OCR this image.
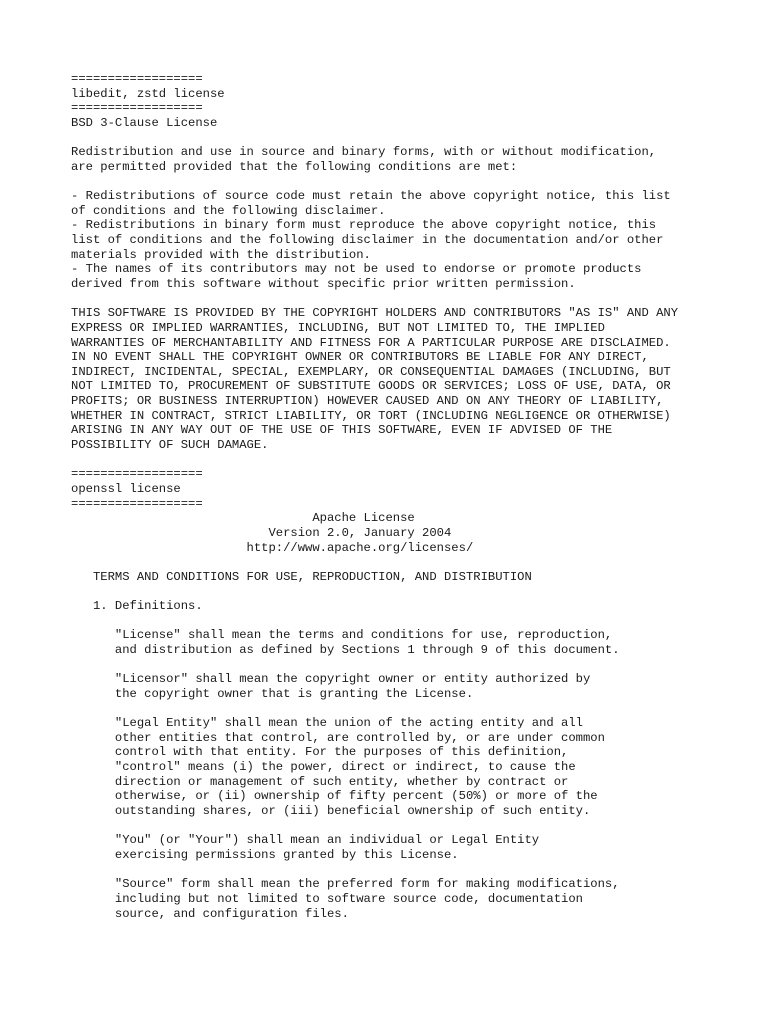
==================
libedit, zstd license
==================
BSD 3-Clause License
Redistribution and use in source and binary forms, with or without modification,
are permitted provided that the following conditions are met:
- Redistributions of source code must retain the above copyright notice, this list
of conditions and the following disclaimer.
- Redistributions in binary form must reproduce the above copyright notice, this
list of conditions and the following disclaimer in the documentation and/or other
materials provided with the distribution.
- The names of its contributors may not be used to endorse or promote products
derived from this software without specific prior written permission.
THIS SOFTWARE IS PROVIDED BY THE COPYRIGHT HOLDERS AND CONTRIBUTORS "AS IS" AND ANY
EXPRESS OR IMPLIED WARRANTIES, INCLUDING, BUT NOT LIMITED TO, THE IMPLIED
WARRANTIES OF MERCHANTABILITY AND FITNESS FOR A PARTICULAR PURPOSE ARE DISCLAIMED.
IN NO EVENT SHALL THE COPYRIGHT OWNER OR CONTRIBUTORS BE LIABLE FOR ANY DIRECT,
INDIRECT, INCIDENTAL, SPECIAL, EXEMPLARY, OR CONSEQUENTIAL DAMAGES (INCLUDING, BUT
NOT LIMITED TO, PROCUREMENT OF SUBSTITUTE GOODS OR SERVICES; LOSS OF USE, DATA, OR
PROFITS; OR BUSINESS INTERRUPTION) HOWEVER CAUSED AND ON ANY THEORY OF LIABILITY,
WHETHER IN CONTRACT, STRICT LIABILITY, OR TORT (INCLUDING NEGLIGENCE OR OTHERWISE)
ARISING IN ANY WAY OUT OF THE USE OF THIS SOFTWARE, EVEN IF ADVISED OF THE
POSSIBILITY OF SUCH DAMAGE.
==================
openssl license
==================
Apache License
Version 2.0, January 2004
http://www.apache.org/licenses/
TERMS AND CONDITIONS FOR USE, REPRODUCTION, AND DISTRIBUTION
1. Definitions.
"License" shall mean the terms and conditions for use, reproduction,
and distribution as defined by Sections 1 through 9 of this document.
"Licensor" shall mean the copyright owner or entity authorized by
the copyright owner that is granting the License.
"Legal Entity" shall mean the union of the acting entity and all
other entities that control, are controlled by, or are under common
control with that entity. For the purposes of this definition,
"control" means (i) the power, direct or indirect, to cause the
direction or management of such entity, whether by contract or
otherwise, or (ii) ownership of fifty percent (50%) or more of the
outstanding shares, or (iii) beneficial ownership of such entity.
"You" (or "Your") shall mean an individual or Legal Entity
exercising permissions granted by this License.
"Source" form shall mean the preferred form for making modifications,
including but not limited to software source code, documentation
source, and configuration files.
